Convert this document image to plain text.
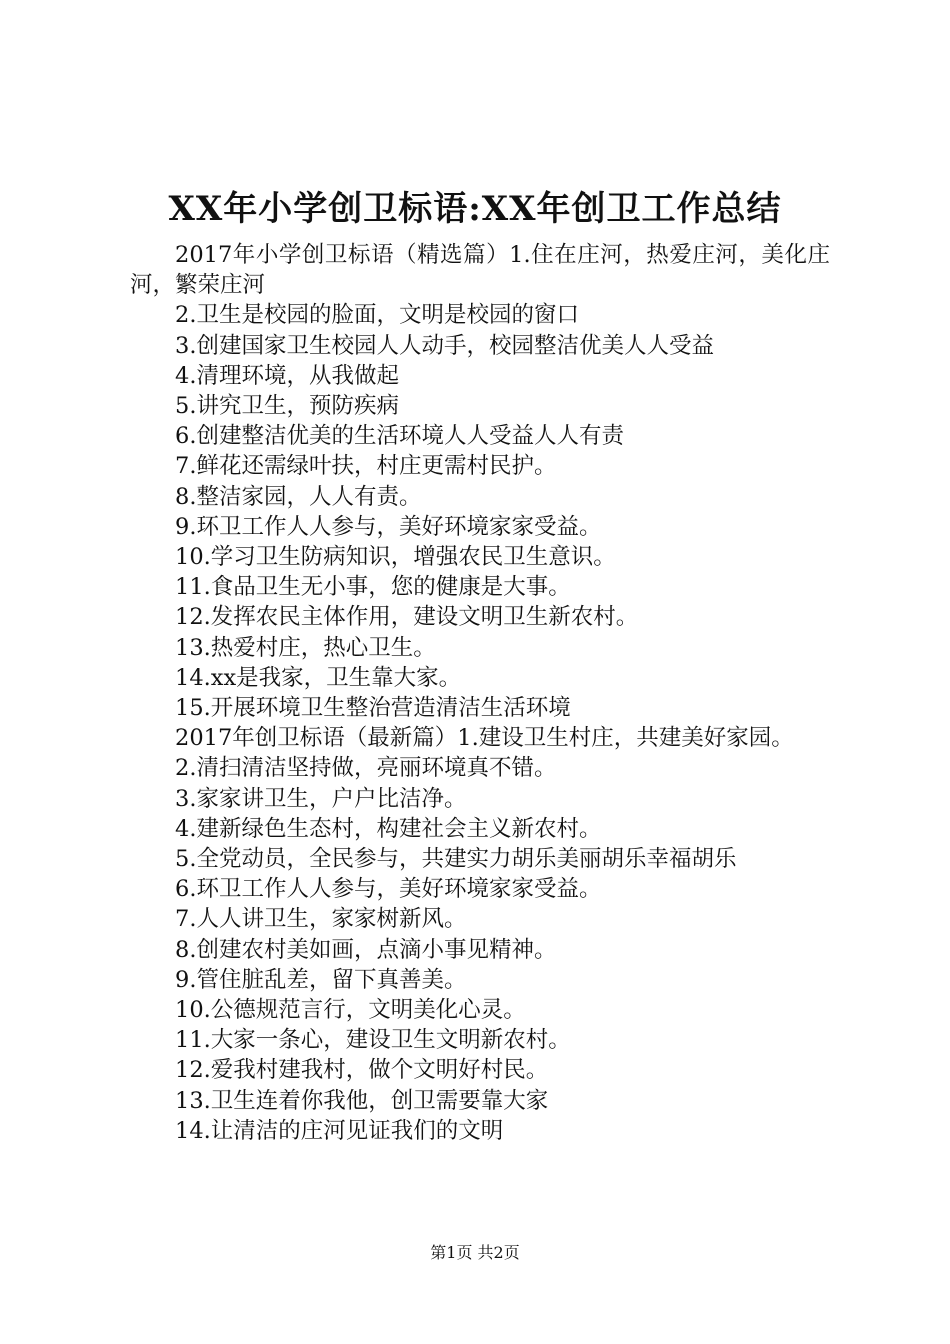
XX年小学创卫标语:XX年创卫工作总结

2017年小学创卫标语（精选篇）1.住在庄河，热爱庄河，美化庄河，繁荣庄河

2.卫生是校园的脸面，文明是校园的窗口

3.创建国家卫生校园人人动手，校园整洁优美人人受益

4.清理环境，从我做起

5.讲究卫生，预防疾病

6.创建整洁优美的生活环境人人受益人人有责

7.鲜花还需绿叶扶，村庄更需村民护。

8.整洁家园，人人有责。

9.环卫工作人人参与，美好环境家家受益。

10.学习卫生防病知识，增强农民卫生意识。

11.食品卫生无小事，您的健康是大事。

12.发挥农民主体作用，建设文明卫生新农村。

13.热爱村庄，热心卫生。

14.xx是我家，卫生靠大家。

15.开展环境卫生整治营造清洁生活环境

2017年创卫标语（最新篇）1.建设卫生村庄，共建美好家园。

2.清扫清洁坚持做，亮丽环境真不错。

3.家家讲卫生，户户比洁净。

4.建新绿色生态村，构建社会主义新农村。

5.全党动员，全民参与，共建实力胡乐美丽胡乐幸福胡乐

6.环卫工作人人参与，美好环境家家受益。

7.人人讲卫生，家家树新风。

8.创建农村美如画，点滴小事见精神。

9.管住脏乱差，留下真善美。

10.公德规范言行，文明美化心灵。

11.大家一条心，建设卫生文明新农村。

12.爱我村建我村，做个文明好村民。

13.卫生连着你我他，创卫需要靠大家

14.让清洁的庄河见证我们的文明

第1页 共2页
